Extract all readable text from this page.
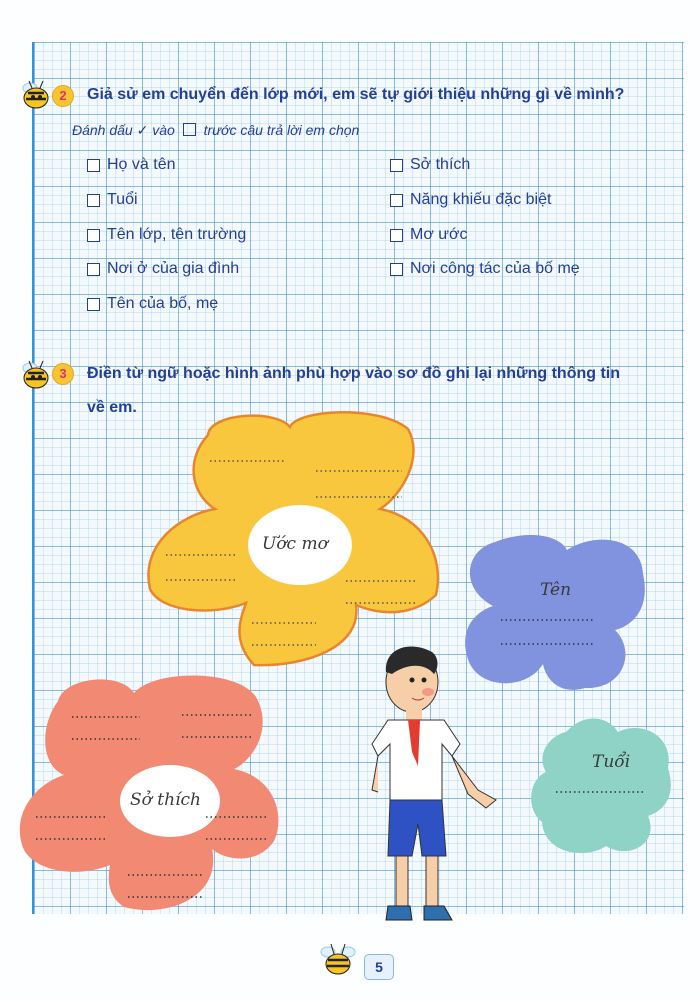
2	Giả sử em chuyển đến lớp mới, em sẽ tự giới thiệu những gì về mình?
Đánh dấu ✓ vào trước câu trả lời em chọn
Họ và tên
Tuổi
Tên lớp, tên trường
Nơi ở của gia đình
Tên của bố, mẹ
Sở thích
Năng khiếu đặc biệt
Mơ ước
Nơi công tác của bố mẹ
3	Điền từ ngữ hoặc hình ảnh phù hợp vào sơ đồ ghi lại những thông tin
về em.
Ước mơ
Tên
Tuổi
Sở thích
5
